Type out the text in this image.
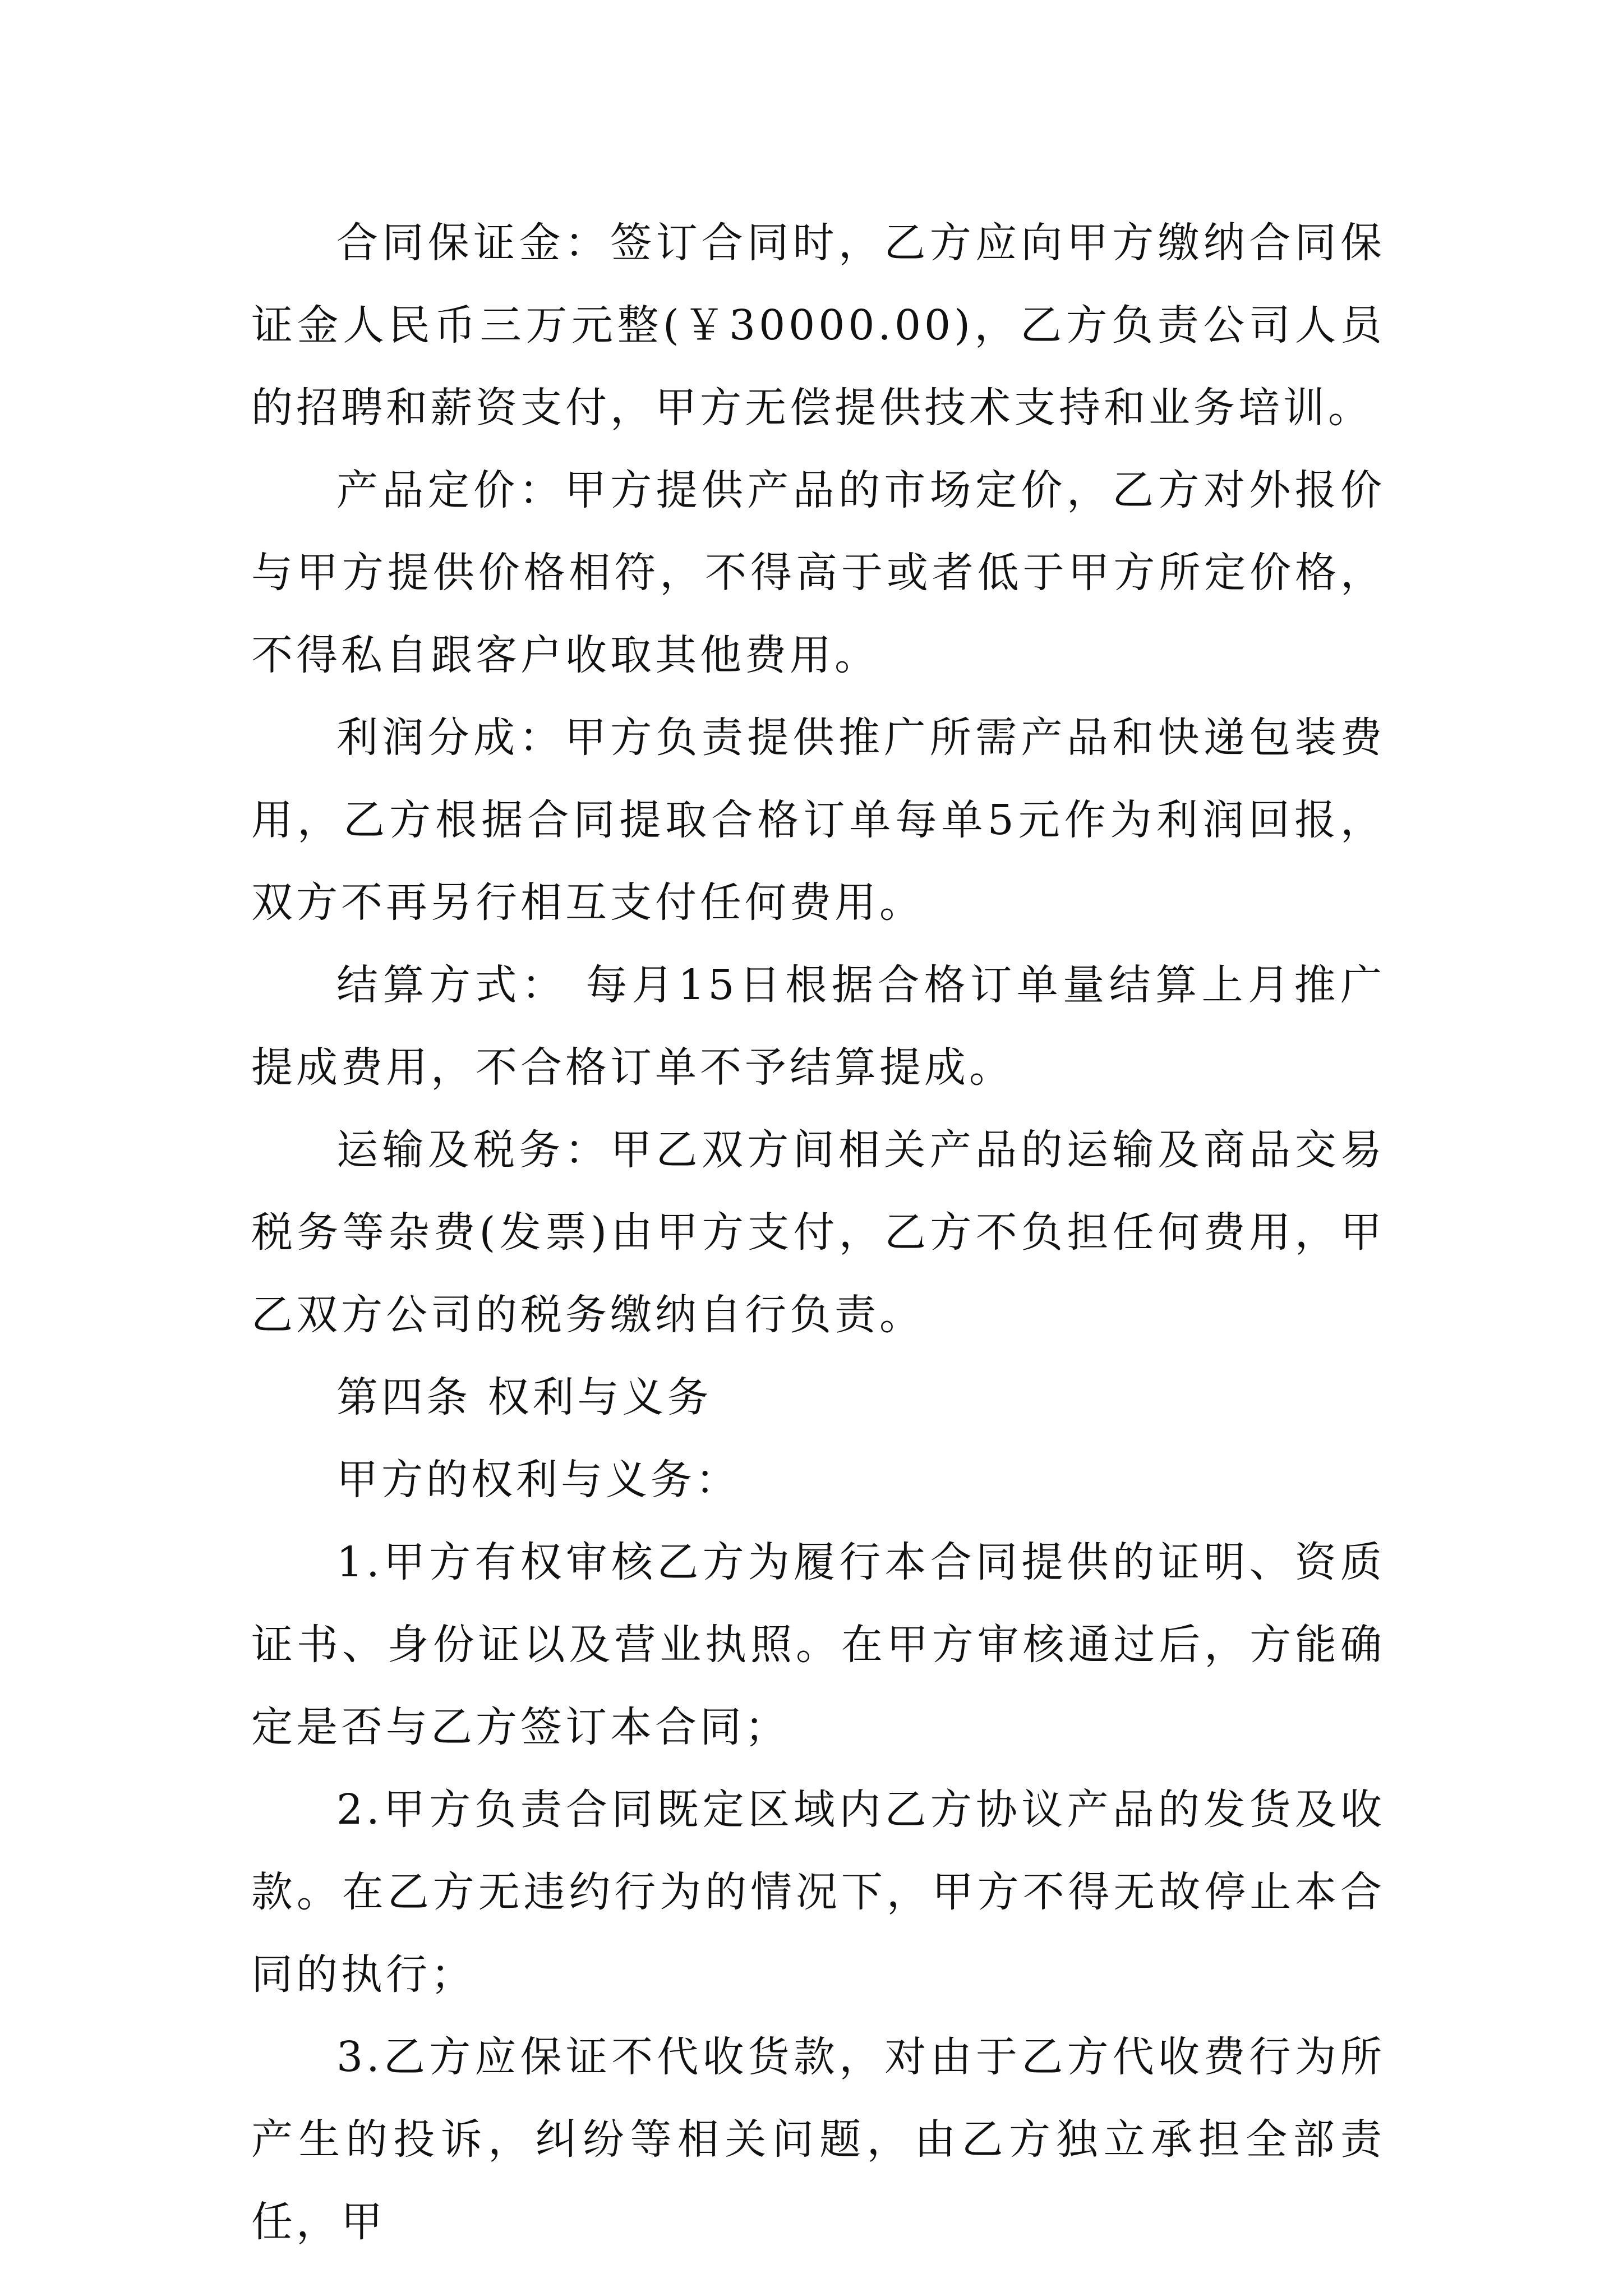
合同保证金：签订合同时，乙方应向甲方缴纳合同保证金人民币三万元整(￥30000.00)，乙方负责公司人员的招聘和薪资支付，甲方无偿提供技术支持和业务培训。

产品定价：甲方提供产品的市场定价，乙方对外报价与甲方提供价格相符，不得高于或者低于甲方所定价格，不得私自跟客户收取其他费用。

利润分成：甲方负责提供推广所需产品和快递包装费用，乙方根据合同提取合格订单每单5元作为利润回报，双方不再另行相互支付任何费用。

结算方式： 每月15日根据合格订单量结算上月推广提成费用，不合格订单不予结算提成。

运输及税务：甲乙双方间相关产品的运输及商品交易税务等杂费(发票)由甲方支付，乙方不负担任何费用，甲乙双方公司的税务缴纳自行负责。

第四条 权利与义务

甲方的权利与义务：

1.甲方有权审核乙方为履行本合同提供的证明、资质证书、身份证以及营业执照。在甲方审核通过后，方能确定是否与乙方签订本合同；

2.甲方负责合同既定区域内乙方协议产品的发货及收款。在乙方无违约行为的情况下，甲方不得无故停止本合同的执行；

3.乙方应保证不代收货款，对由于乙方代收费行为所产生的投诉，纠纷等相关问题，由乙方独立承担全部责任，甲
